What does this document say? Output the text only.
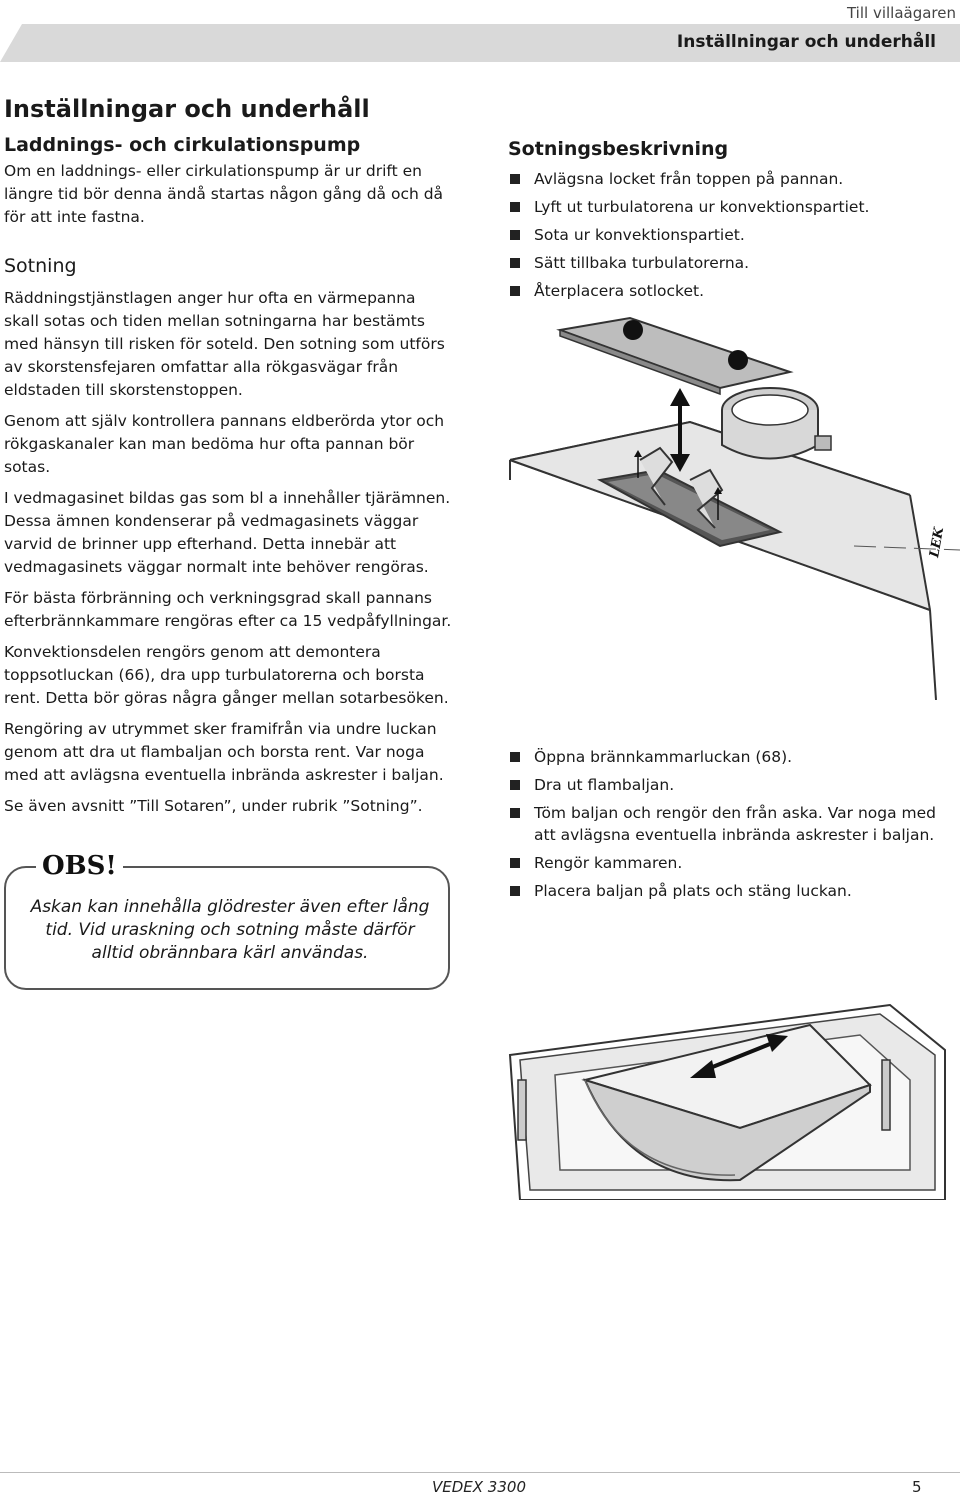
Till villaägaren
Inställningar och underhåll
Inställningar och underhåll
Laddnings- och cirkulationspump

Om en laddnings- eller cirkulationspump är ur drift en längre tid bör denna ändå startas någon gång då och då för att inte fastna.

Sotning

Räddningstjänstlagen anger hur ofta en värmepanna skall sotas och tiden mellan sotningarna har bestämts med hänsyn till risken för soteld. Den sotning som utförs av skorstensfejaren omfattar alla rökgasvägar från eldstaden till skorstenstoppen.

Genom att själv kontrollera pannans eldberörda ytor och rökgaskanaler kan man bedöma hur ofta pannan bör sotas.

I vedmagasinet bildas gas som bl a innehåller tjärämnen. Dessa ämnen kondenserar på vedmagasinets väggar varvid de brinner upp efterhand. Detta innebär att vedmagasinets väggar normalt inte behöver rengöras.

För bästa förbränning och verkningsgrad skall pannans efterbrännkammare rengöras efter ca 15 vedpåfyllningar.

Konvektionsdelen rengörs genom att demontera toppsotluckan (66), dra upp turbulatorerna och borsta rent. Detta bör göras några gånger mellan sotarbesöken.

Rengöring av utrymmet sker framifrån via undre luckan genom att dra ut flambaljan och borsta rent. Var noga med att avlägsna eventuella inbrända askrester i baljan.

Se även avsnitt ”Till Sotaren”, under rubrik ”Sotning”.

OBS!
Askan kan innehålla glödrester även efter lång tid. Vid uraskning och sotning måste därför alltid obrännbara kärl användas.
Sotningsbeskrivning
Avlägsna locket från toppen på pannan.
Lyft ut turbulatorena ur konvektionspartiet.
Sota ur konvektionspartiet.
Sätt tillbaka turbulatorerna.
Återplacera sotlocket.
LEK
Öppna brännkammarluckan (68).
Dra ut flambaljan.
Töm baljan och rengör den från aska. Var noga med att avlägsna eventuella inbrända askrester i baljan.
Rengör kammaren.
Placera baljan på plats och stäng luckan.
VEDEX 3300	5
